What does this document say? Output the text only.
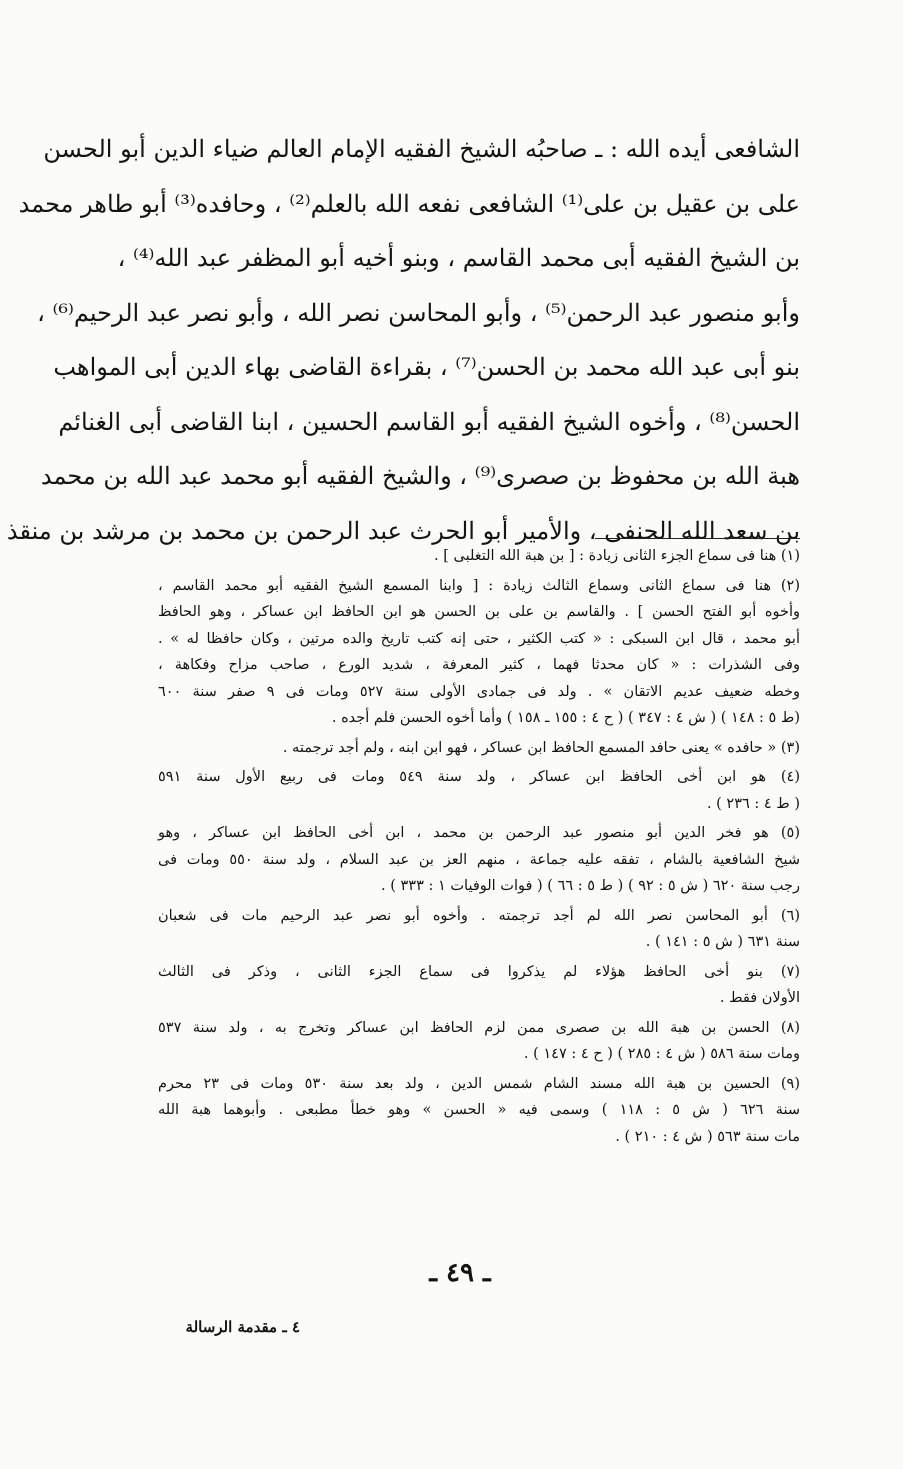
الشافعى أيده الله : ـ صاحبُه الشيخ الفقيه الإمام العالم ضياء الدين أبو الحسن
على بن عقيل بن على⁽¹⁾ الشافعى نفعه الله بالعلم⁽²⁾ ، وحافده⁽³⁾ أبو طاهر محمد
بن الشيخ الفقيه أبى محمد القاسم ، وبنو أخيه أبو المظفر عبد الله⁽⁴⁾ ،
وأبو منصور عبد الرحمن⁽⁵⁾ ، وأبو المحاسن نصر الله ، وأبو نصر عبد الرحيم⁽⁶⁾ ،
بنو أبى عبد الله محمد بن الحسن⁽⁷⁾ ، بقراءة القاضى بهاء الدين أبى المواهب
الحسن⁽⁸⁾ ، وأخوه الشيخ الفقيه أبو القاسم الحسين ، ابنا القاضى أبى الغنائم
هبة الله بن محفوظ بن صصرى⁽⁹⁾ ، والشيخ الفقيه أبو محمد عبد الله بن محمد
بن سعد الله الحنفى ، والأمير أبو الحرث عبد الرحمن بن محمد بن مرشد بن منقذ
(١) هنا فى سماع الجزء الثانى زيادة : [ بن هبة الله التغلبى ] .
(٢) هنا فى سماع الثانى وسماع الثالث زيادة : [ وابنا المسمع الشيخ الفقيه أبو محمد القاسم ،
وأخوه أبو الفتح الحسن ] . والقاسم بن على بن الحسن هو ابن الحافظ ابن عساكر ، وهو الحافظ
أبو محمد ، قال ابن السبكى : « كتب الكثير ، حتى إنه كتب تاريخ والده مرتين ، وكان حافظا له » .
وفى الشذرات : « كان محدثا فهما ، كثير المعرفة ، شديد الورع ، صاحب مزاح وفكاهة ،
وخطه ضعيف عديم الاتقان » . ولد فى جمادى الأولى سنة ٥٢٧ ومات فى ٩ صفر سنة ٦٠٠
(ط ٥ : ١٤٨ ) ( ش ٤ : ٣٤٧ ) ( ح ٤ : ١٥٥ ـ ١٥٨ ) وأما أخوه الحسن فلم أجده .
(٣) « حافده » يعنى حافد المسمع الحافظ ابن عساكر ، فهو ابن ابنه ، ولم أجد ترجمته .
(٤) هو ابن أخى الحافظ ابن عساكر ، ولد سنة ٥٤٩ ومات فى ربيع الأول سنة ٥٩١
( ط ٤ : ٢٣٦ ) .
(٥) هو فخر الدين أبو منصور عبد الرحمن بن محمد ، ابن أخى الحافظ ابن عساكر ، وهو
شيخ الشافعية بالشام ، تفقه عليه جماعة ، منهم العز بن عبد السلام ، ولد سنة ٥٥٠ ومات فى
رجب سنة ٦٢٠ ( ش ٥ : ٩٢ ) ( ط ٥ : ٦٦ ) ( فوات الوفيات ١ : ٣٣٣ ) .
(٦) أبو المحاسن نصر الله لم أجد ترجمته . وأخوه أبو نصر عبد الرحيم مات فى شعبان
سنة ٦٣١ ( ش ٥ : ١٤١ ) .
(٧) بنو أخى الحافظ هؤلاء لم يذكروا فى سماع الجزء الثانى ، وذكر فى الثالث
الأولان فقط .
(٨) الحسن بن هبة الله بن صصرى ممن لزم الحافظ ابن عساكر وتخرج به ، ولد سنة ٥٣٧
ومات سنة ٥٨٦ ( ش ٤ : ٢٨٥ ) ( ح ٤ : ١٤٧ ) .
(٩) الحسين بن هبة الله مسند الشام شمس الدين ، ولد بعد سنة ٥٣٠ ومات فى ٢٣ محرم
سنة ٦٢٦ ( ش ٥ : ١١٨ ) وسمى فيه « الحسن » وهو خطأ مطبعى . وأبوهما هبة الله
مات سنة ٥٦٣ ( ش ٤ : ٢١٠ ) .
ـ ٤٩ ـ
٤ ـ مقدمة الرسالة
